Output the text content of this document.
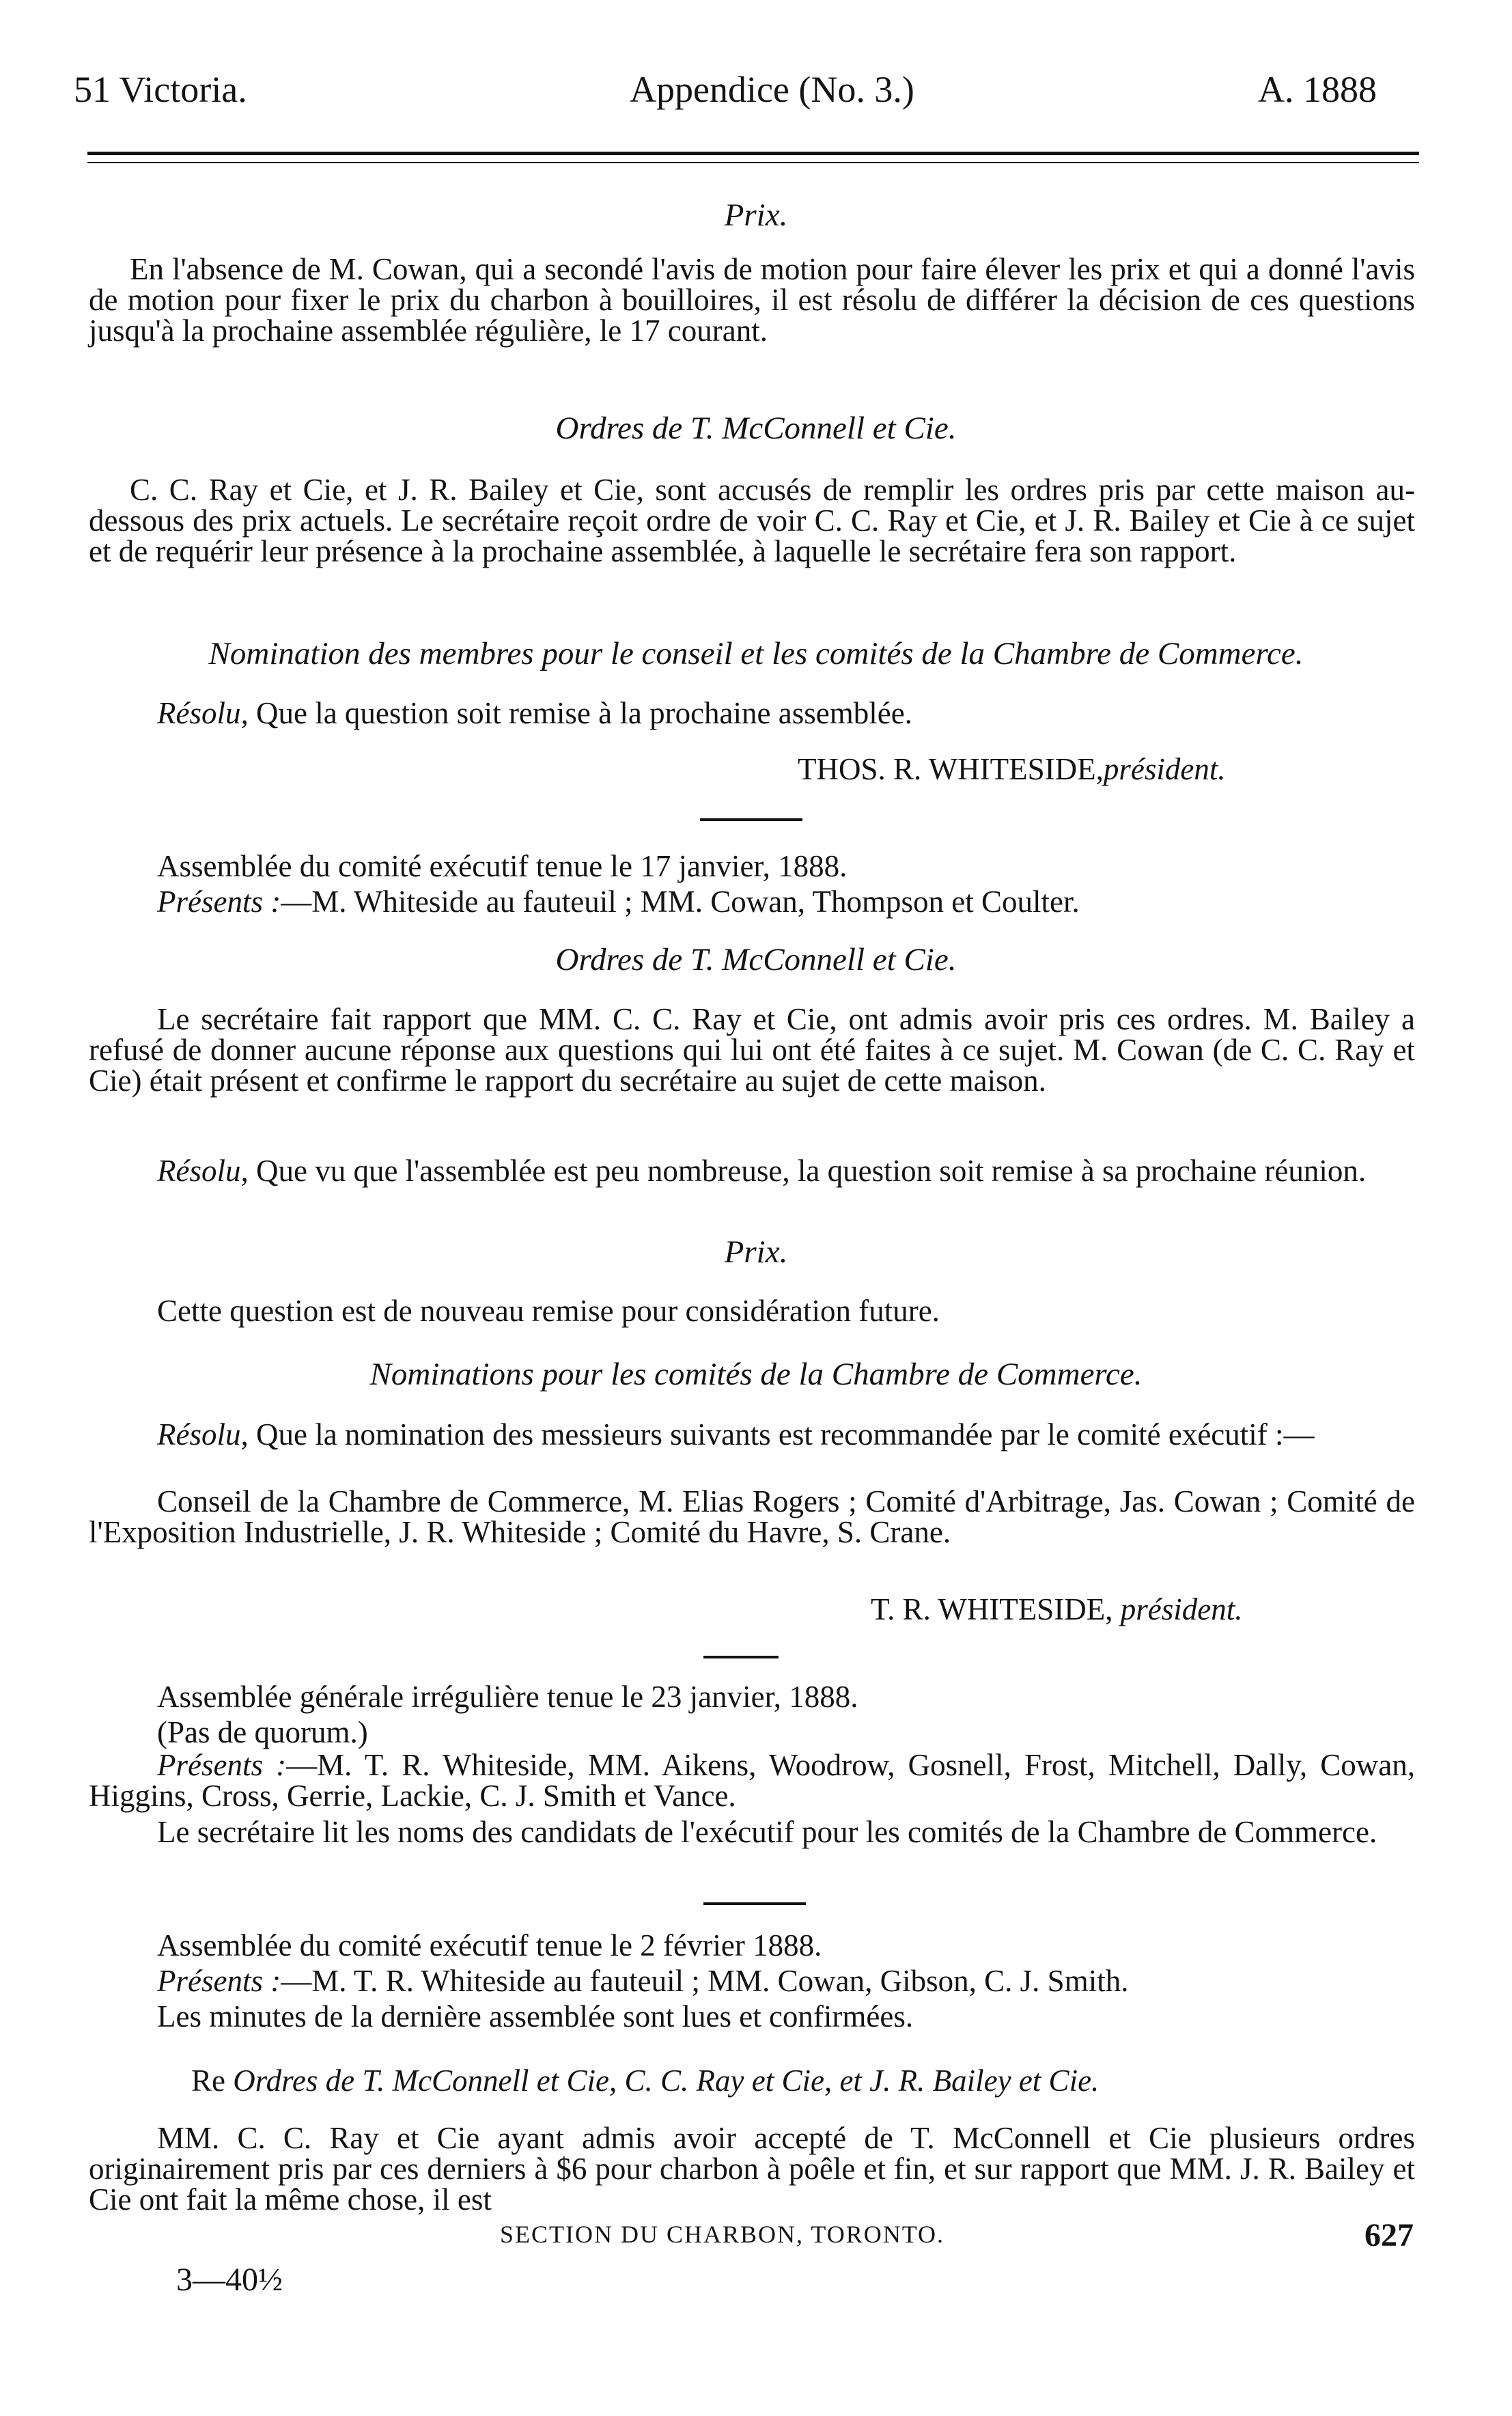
51 Victoria.	Appendice (No. 3.)	A. 1888

Prix.

En l'absence de M. Cowan, qui a secondé l'avis de motion pour faire élever les prix et qui a donné l'avis de motion pour fixer le prix du charbon à bouilloires, il est résolu de différer la décision de ces questions jusqu'à la prochaine assemblée régulière, le 17 courant.

Ordres de T. McConnell et Cie.

C. C. Ray et Cie, et J. R. Bailey et Cie, sont accusés de remplir les ordres pris par cette maison au-dessous des prix actuels. Le secrétaire reçoit ordre de voir C. C. Ray et Cie, et J. R. Bailey et Cie à ce sujet et de requérir leur présence à la prochaine assemblée, à laquelle le secrétaire fera son rapport.

Nomination des membres pour le conseil et les comités de la Chambre de Commerce.

Résolu, Que la question soit remise à la prochaine assemblée.

THOS. R. WHITESIDE,président.

Assemblée du comité exécutif tenue le 17 janvier, 1888.

Présents :—M. Whiteside au fauteuil ; MM. Cowan, Thompson et Coulter.

Ordres de T. McConnell et Cie.

Le secrétaire fait rapport que MM. C. C. Ray et Cie, ont admis avoir pris ces ordres. M. Bailey a refusé de donner aucune réponse aux questions qui lui ont été faites à ce sujet. M. Cowan (de C. C. Ray et Cie) était présent et confirme le rapport du secrétaire au sujet de cette maison.

Résolu, Que vu que l'assemblée est peu nombreuse, la question soit remise à sa prochaine réunion.

Prix.

Cette question est de nouveau remise pour considération future.

Nominations pour les comités de la Chambre de Commerce.

Résolu, Que la nomination des messieurs suivants est recommandée par le comité exécutif :—

Conseil de la Chambre de Commerce, M. Elias Rogers ; Comité d'Arbitrage, Jas. Cowan ; Comité de l'Exposition Industrielle, J. R. Whiteside ; Comité du Havre, S. Crane.

T. R. WHITESIDE, président.

Assemblée générale irrégulière tenue le 23 janvier, 1888.

(Pas de quorum.)

Présents :—M. T. R. Whiteside, MM. Aikens, Woodrow, Gosnell, Frost, Mitchell, Dally, Cowan, Higgins, Cross, Gerrie, Lackie, C. J. Smith et Vance.

Le secrétaire lit les noms des candidats de l'exécutif pour les comités de la Chambre de Commerce.

Assemblée du comité exécutif tenue le 2 février 1888.

Présents :—M. T. R. Whiteside au fauteuil ; MM. Cowan, Gibson, C. J. Smith.

Les minutes de la dernière assemblée sont lues et confirmées.

Re Ordres de T. McConnell et Cie, C. C. Ray et Cie, et J. R. Bailey et Cie.

MM. C. C. Ray et Cie ayant admis avoir accepté de T. McConnell et Cie plusieurs ordres originairement pris par ces derniers à $6 pour charbon à poêle et fin, et sur rapport que MM. J. R. Bailey et Cie ont fait la même chose, il est

SECTION DU CHARBON, TORONTO.	627

3—40½
